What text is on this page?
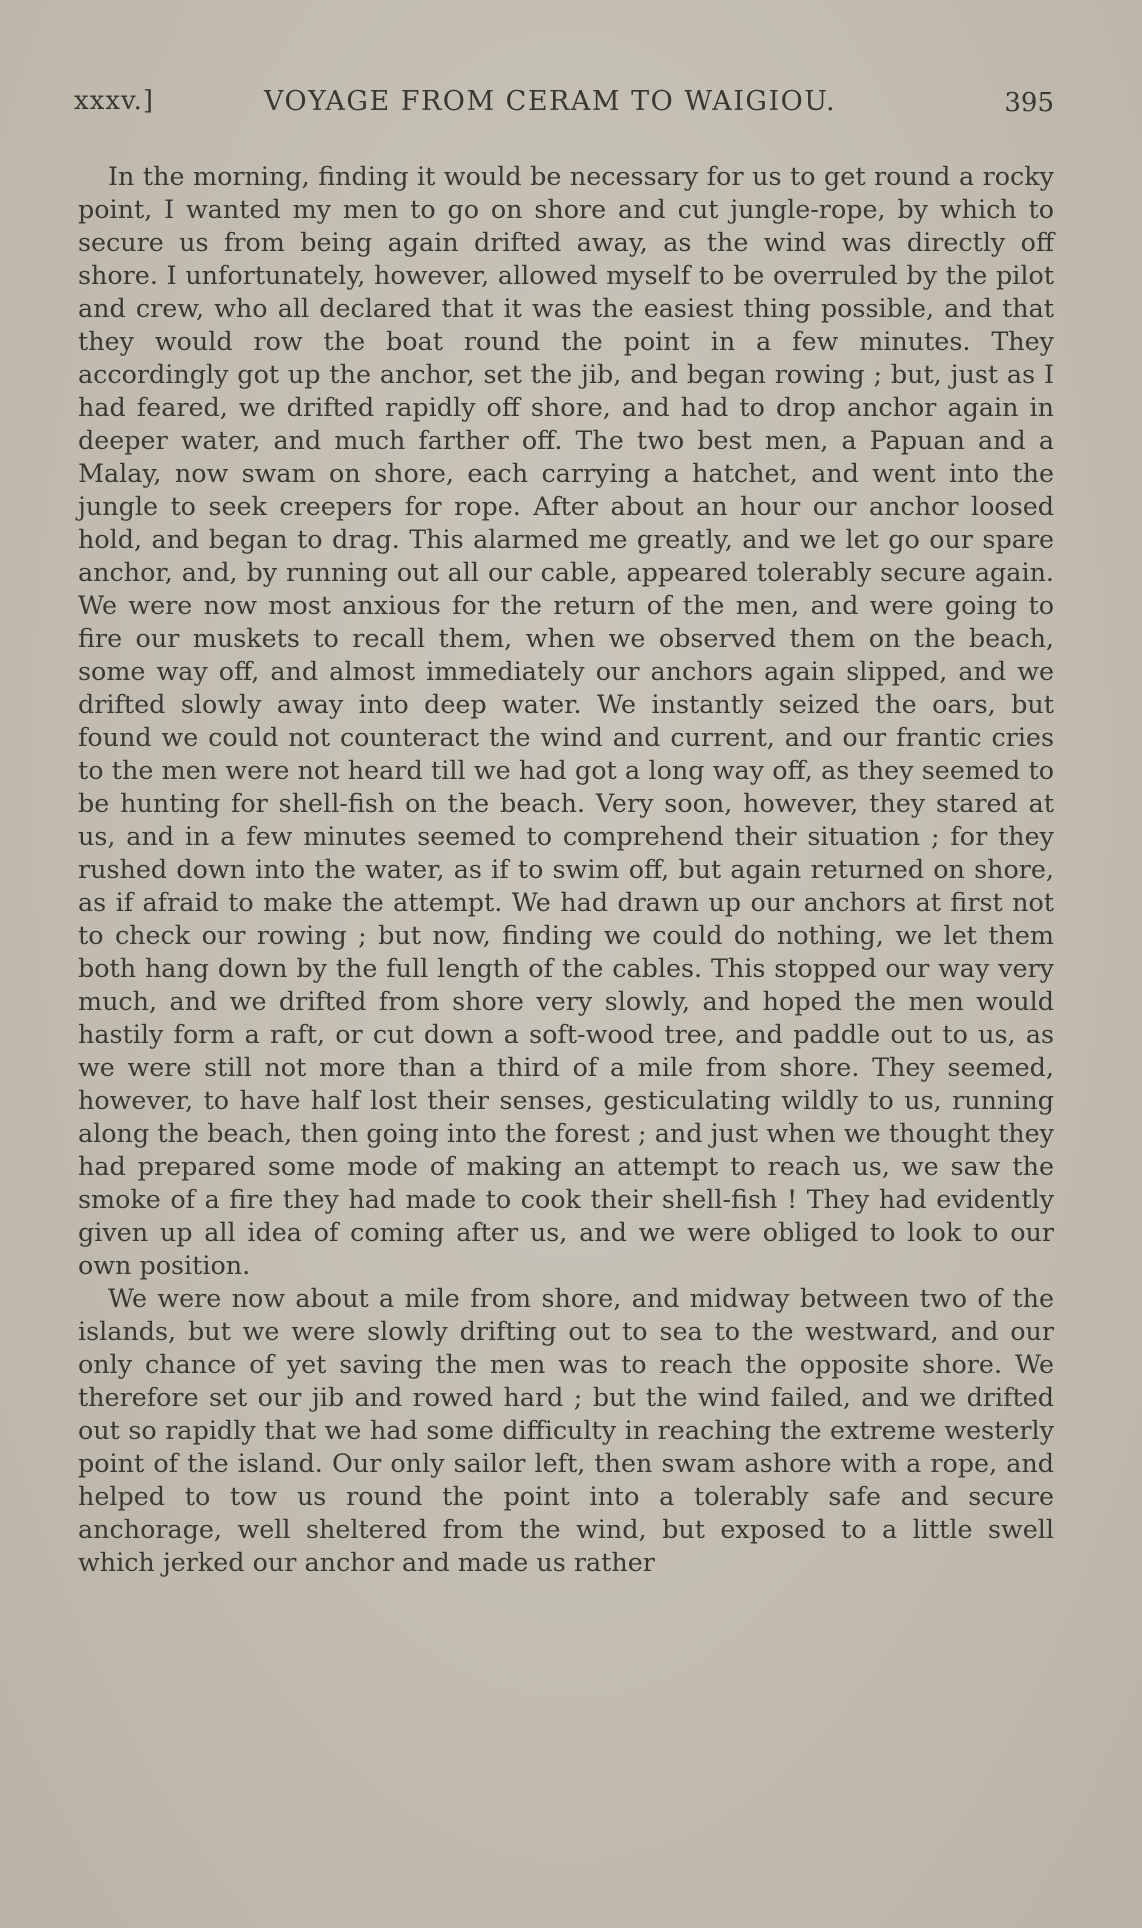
xxxv.]	VOYAGE FROM CERAM TO WAIGIOU.	395

In the morning, finding it would be necessary for us to get round a rocky point, I wanted my men to go on shore and cut jungle-rope, by which to secure us from being again drifted away, as the wind was directly off shore. I unfortunately, however, allowed myself to be overruled by the pilot and crew, who all declared that it was the easiest thing possible, and that they would row the boat round the point in a few minutes. They accordingly got up the anchor, set the jib, and began rowing ; but, just as I had feared, we drifted rapidly off shore, and had to drop anchor again in deeper water, and much farther off. The two best men, a Papuan and a Malay, now swam on shore, each carrying a hatchet, and went into the jungle to seek creepers for rope. After about an hour our anchor loosed hold, and began to drag. This alarmed me greatly, and we let go our spare anchor, and, by running out all our cable, appeared tolerably secure again. We were now most anxious for the return of the men, and were going to fire our muskets to recall them, when we observed them on the beach, some way off, and almost immediately our anchors again slipped, and we drifted slowly away into deep water. We instantly seized the oars, but found we could not counteract the wind and current, and our frantic cries to the men were not heard till we had got a long way off, as they seemed to be hunting for shell-fish on the beach. Very soon, however, they stared at us, and in a few minutes seemed to comprehend their situation ; for they rushed down into the water, as if to swim off, but again returned on shore, as if afraid to make the attempt. We had drawn up our anchors at first not to check our rowing ; but now, finding we could do nothing, we let them both hang down by the full length of the cables. This stopped our way very much, and we drifted from shore very slowly, and hoped the men would hastily form a raft, or cut down a soft-wood tree, and paddle out to us, as we were still not more than a third of a mile from shore. They seemed, however, to have half lost their senses, gesticulating wildly to us, running along the beach, then going into the forest ; and just when we thought they had prepared some mode of making an attempt to reach us, we saw the smoke of a fire they had made to cook their shell-fish ! They had evidently given up all idea of coming after us, and we were obliged to look to our own position.

We were now about a mile from shore, and midway between two of the islands, but we were slowly drifting out to sea to the westward, and our only chance of yet saving the men was to reach the opposite shore. We therefore set our jib and rowed hard ; but the wind failed, and we drifted out so rapidly that we had some difficulty in reaching the extreme westerly point of the island. Our only sailor left, then swam ashore with a rope, and helped to tow us round the point into a tolerably safe and secure anchorage, well sheltered from the wind, but exposed to a little swell which jerked our anchor and made us rather
